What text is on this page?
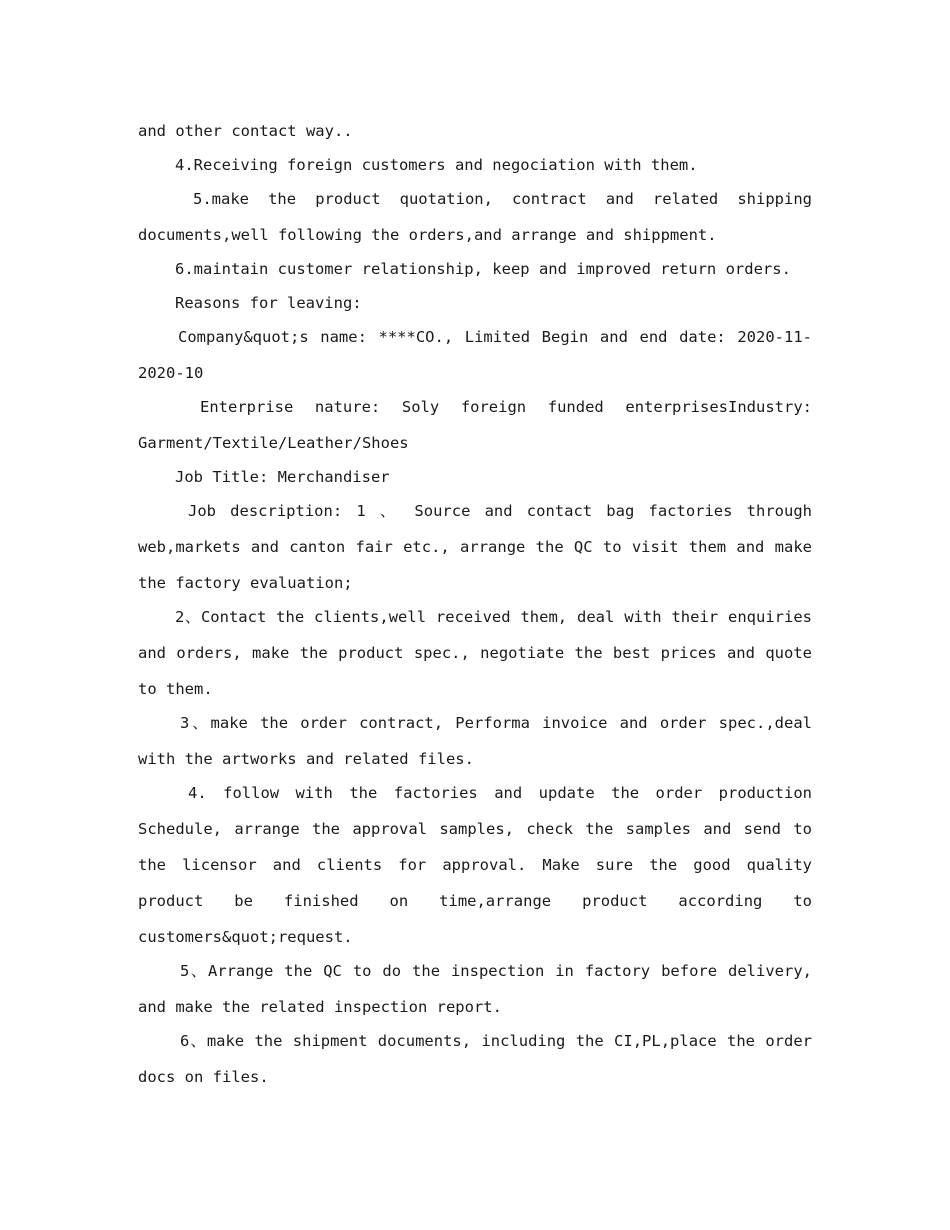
and other contact way..

4.Receiving foreign customers and negociation with them.

5.make the product quotation, contract and related shipping documents,well following the orders,and arrange and shippment.

6.maintain customer relationship, keep and improved return orders.

Reasons for leaving:

Company&quot;s name: ****CO., Limited Begin and end date: 2020-11-2020-10

Enterprise nature: Soly foreign funded enterprisesIndustry: Garment/Textile/Leather/Shoes

Job Title: Merchandiser

Job description: 1 、 Source and contact bag factories through web,markets and canton fair etc., arrange the QC to visit them and make the factory evaluation;

2、Contact the clients,well received them, deal with their enquiries and orders, make the product spec., negotiate the best prices and quote to them.

3、make the order contract, Performa invoice and order spec.,deal with the artworks and related files.

4. follow with the factories and update the order production Schedule, arrange the approval samples, check the samples and send to the licensor and clients for approval. Make sure the good quality product be finished on time,arrange product according to customers&quot;request.

5、Arrange the QC to do the inspection in factory before delivery, and make the related inspection report.

6、make the shipment documents, including the CI,PL,place the order docs on files.
